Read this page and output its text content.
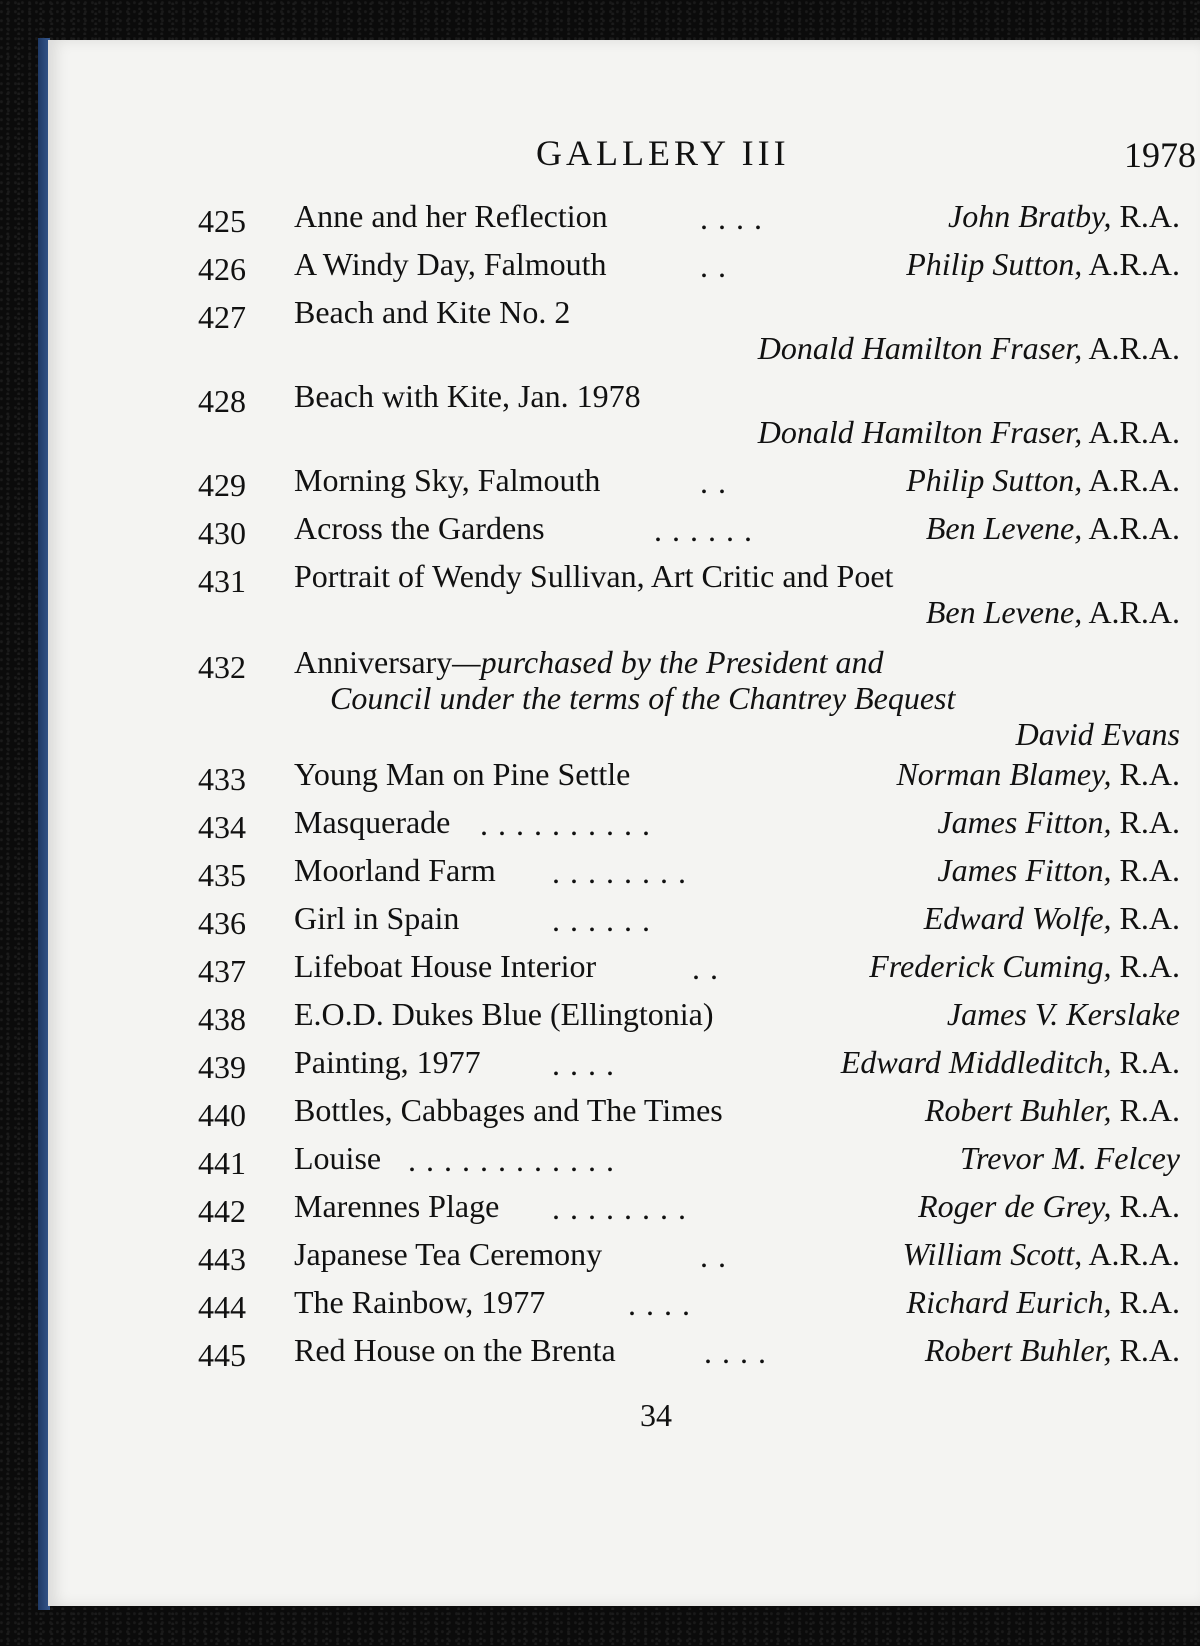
GALLERY III	1978
425 Anne and her Reflection	. . . .	John Bratby, R.A.
426 A Windy Day, Falmouth	. .	Philip Sutton, A.R.A.
427 Beach and Kite No. 2
Donald Hamilton Fraser, A.R.A.
428 Beach with Kite, Jan. 1978
Donald Hamilton Fraser, A.R.A.
429 Morning Sky, Falmouth	. .	Philip Sutton, A.R.A.
430 Across the Gardens	. . . . . .	Ben Levene, A.R.A.
431 Portrait of Wendy Sullivan, Art Critic and Poet
Ben Levene, A.R.A.
432 Anniversary—purchased by the President and
Council under the terms of the Chantrey Bequest
David Evans
433 Young Man on Pine Settle	Norman Blamey, R.A.
434 Masquerade . . . . . . . . . .	James Fitton, R.A.
435 Moorland Farm . . . . . . . .	James Fitton, R.A.
436 Girl in Spain	. . . . . .	Edward Wolfe, R.A.
437 Lifeboat House Interior	. .	Frederick Cuming, R.A.
438 E.O.D. Dukes Blue (Ellingtonia)	James V. Kerslake
439 Painting, 1977 . . . .	Edward Middleditch, R.A.
440 Bottles, Cabbages and The Times	Robert Buhler, R.A.
441 Louise . . . . . . . . . . . .	Trevor M. Felcey
442 Marennes Plage . . . . . . . .	Roger de Grey, R.A.
443 Japanese Tea Ceremony	. .	William Scott, A.R.A.
444 The Rainbow, 1977	. . . .	Richard Eurich, R.A.
445 Red House on the Brenta	. . . .	Robert Buhler, R.A.
34
